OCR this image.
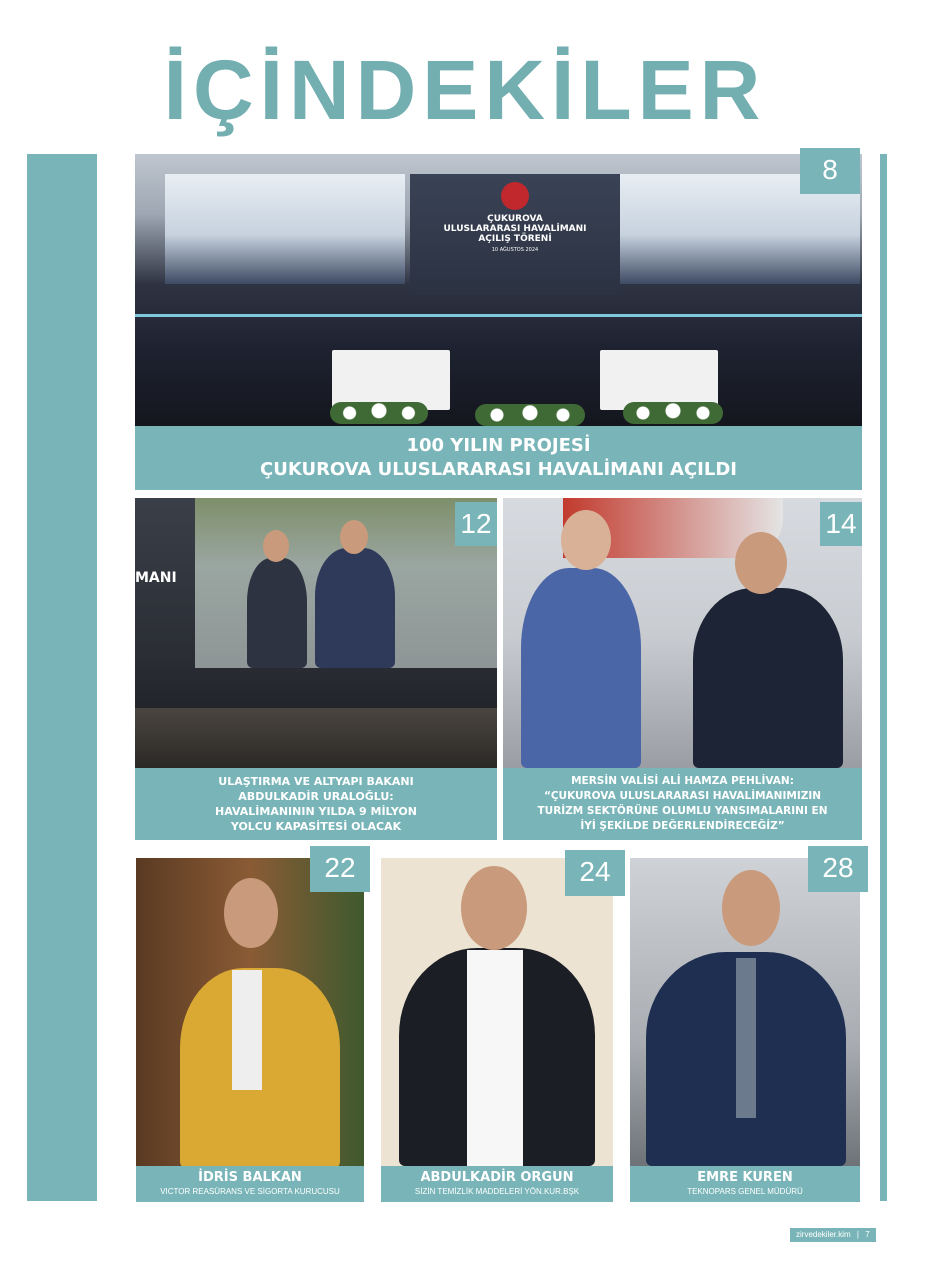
İÇİNDEKİLER
ÇUKUROVA
ULUSLARARASI HAVALİMANI
AÇILIŞ TÖRENİ
10 AĞUSTOS 2024
8
100 YILIN PROJESİ
ÇUKUROVA ULUSLARARASI HAVALİMANI AÇILDI
MANI
12
ULAŞTIRMA VE ALTYAPI BAKANI
ABDULKADİR URALOĞLU:
HAVALİMANININ YILDA 9 MİLYON
YOLCU KAPASİTESİ OLACAK
14
MERSİN VALİSİ ALİ HAMZA PEHLİVAN:
“ÇUKUROVA ULUSLARARASI HAVALİMANIMIZIN
TURİZM SEKTÖRÜNE OLUMLU YANSIMALARINI EN
İYİ ŞEKİLDE DEĞERLENDİRECEĞİZ”
22
İDRİS BALKAN
VICTOR REASÜRANS VE SİGORTA KURUCUSU
24
ABDULKADİR ORGUN
SİZİN TEMİZLİK MADDELERİ YÖN.KUR.BŞK
28
EMRE KUREN
TEKNOPARS GENEL MÜDÜRÜ
zirvedekiler.kim | 7
